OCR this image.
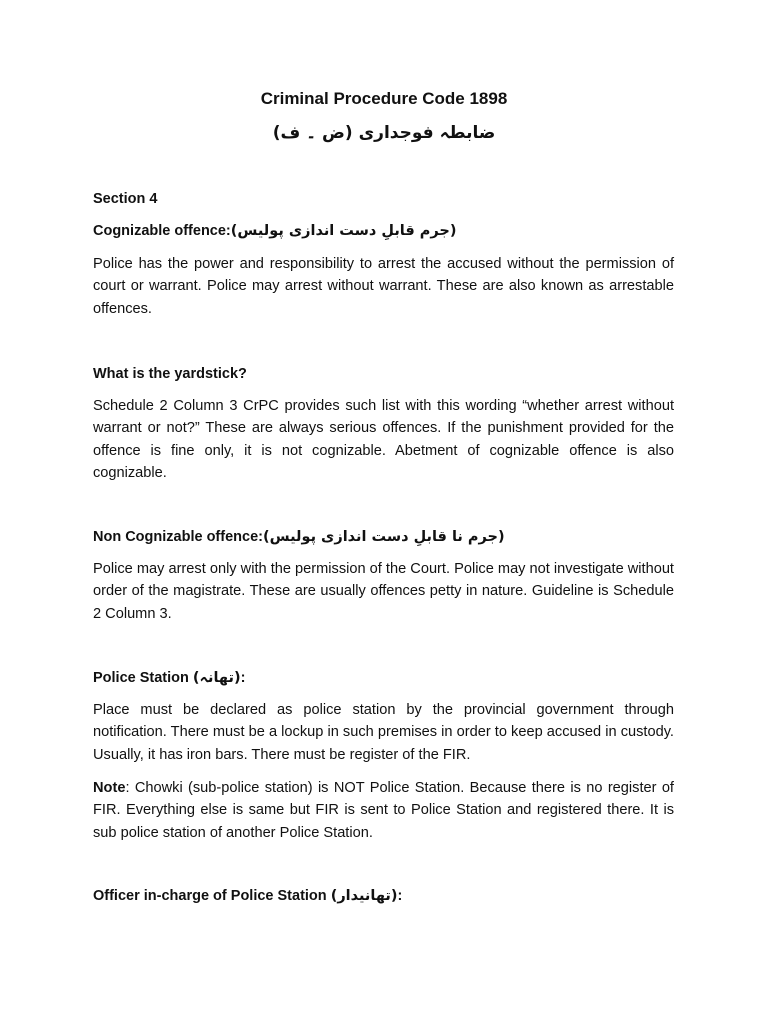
Criminal Procedure Code 1898
ضابطہ فوجداری (ض ۔ ف)
Section 4
Cognizable offence:(جرم قابلِ دست اندازی پولیس)
Police has the power and responsibility to arrest the accused without the permission of court or warrant. Police may arrest without warrant. These are also known as arrestable offences.
What is the yardstick?
Schedule 2 Column 3 CrPC provides such list with this wording “whether arrest without warrant or not?” These are always serious offences. If the punishment provided for the offence is fine only, it is not cognizable. Abetment of cognizable offence is also cognizable.
Non Cognizable offence:(جرم نا قابلِ دست اندازی پولیس)
Police may arrest only with the permission of the Court. Police may not investigate without order of the magistrate. These are usually offences petty in nature. Guideline is Schedule 2 Column 3.
Police Station (تھانہ):
Place must be declared as police station by the provincial government through notification. There must be a lockup in such premises in order to keep accused in custody. Usually, it has iron bars. There must be register of the FIR.
Note: Chowki (sub-police station) is NOT Police Station. Because there is no register of FIR. Everything else is same but FIR is sent to Police Station and registered there. It is sub police station of another Police Station.
Officer in-charge of Police Station (تھانیدار):
